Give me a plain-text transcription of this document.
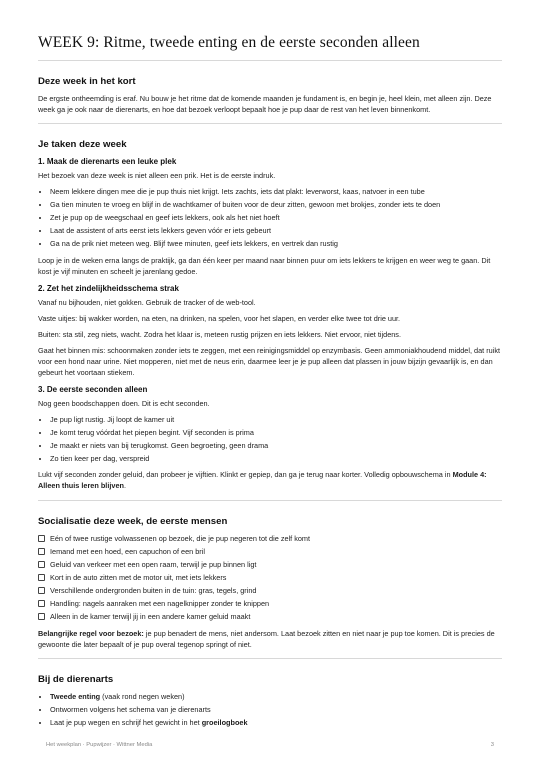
WEEK 9: Ritme, tweede enting en de eerste seconden alleen
Deze week in het kort

De ergste ontheemding is eraf. Nu bouw je het ritme dat de komende maanden je fundament is, en begin je, heel klein, met alleen zijn. Deze week ga je ook naar de dierenarts, en hoe dat bezoek verloopt bepaalt hoe je pup daar de rest van het leven binnenkomt.

Je taken deze week
1. Maak de dierenarts een leuke plek

Het bezoek van deze week is niet alleen een prik. Het is de eerste indruk.

• Neem lekkere dingen mee die je pup thuis niet krijgt. Iets zachts, iets dat plakt: leverworst, kaas, natvoer in een tube
• Ga tien minuten te vroeg en blijf in de wachtkamer of buiten voor de deur zitten, gewoon met brokjes, zonder iets te doen
• Zet je pup op de weegschaal en geef iets lekkers, ook als het niet hoeft
• Laat de assistent of arts eerst iets lekkers geven vóór er iets gebeurt
• Ga na de prik niet meteen weg. Blijf twee minuten, geef iets lekkers, en vertrek dan rustig

Loop je in de weken erna langs de praktijk, ga dan één keer per maand naar binnen puur om iets lekkers te krijgen en weer weg te gaan. Dit kost je vijf minuten en scheelt je jarenlang gedoe.

2. Zet het zindelijkheidsschema strak

Vanaf nu bijhouden, niet gokken. Gebruik de tracker of de web-tool.

Vaste uitjes: bij wakker worden, na eten, na drinken, na spelen, voor het slapen, en verder elke twee tot drie uur.

Buiten: sta stil, zeg niets, wacht. Zodra het klaar is, meteen rustig prijzen en iets lekkers. Niet ervoor, niet tijdens.

Gaat het binnen mis: schoonmaken zonder iets te zeggen, met een reinigingsmiddel op enzymbasis. Geen ammoniakhoudend middel, dat ruikt voor een hond naar urine. Niet mopperen, niet met de neus erin, daarmee leer je je pup alleen dat plassen in jouw bijzijn gevaarlijk is, en dan gebeurt het voortaan stiekem.

3. De eerste seconden alleen

Nog geen boodschappen doen. Dit is echt seconden.

• Je pup ligt rustig. Jij loopt de kamer uit
• Je komt terug vóórdat het piepen begint. Vijf seconden is prima
• Je maakt er niets van bij terugkomst. Geen begroeting, geen drama
• Zo tien keer per dag, verspreid

Lukt vijf seconden zonder geluid, dan probeer je vijftien. Klinkt er gepiep, dan ga je terug naar korter. Volledig opbouwschema in Module 4: Alleen thuis leren blijven.

Socialisatie deze week, de eerste mensen
Eén of twee rustige volwassenen op bezoek, die je pup negeren tot die zelf komt
Iemand met een hoed, een capuchon of een bril
Geluid van verkeer met een open raam, terwijl je pup binnen ligt
Kort in de auto zitten met de motor uit, met iets lekkers
Verschillende ondergronden buiten in de tuin: gras, tegels, grind
Handling: nagels aanraken met een nagelknipper zonder te knippen
Alleen in de kamer terwijl jij in een andere kamer geluid maakt

Belangrijke regel voor bezoek: je pup benadert de mens, niet andersom. Laat bezoek zitten en niet naar je pup toe komen. Dit is precies de gewoonte die later bepaalt of je pup overal tegenop springt of niet.

Bij de dierenarts
• Tweede enting (vaak rond negen weken)
• Ontwormen volgens het schema van je dierenarts
• Laat je pup wegen en schrijf het gewicht in het groeilogboek
Het weekplan · Pupwijzer · Wittner Media	3
